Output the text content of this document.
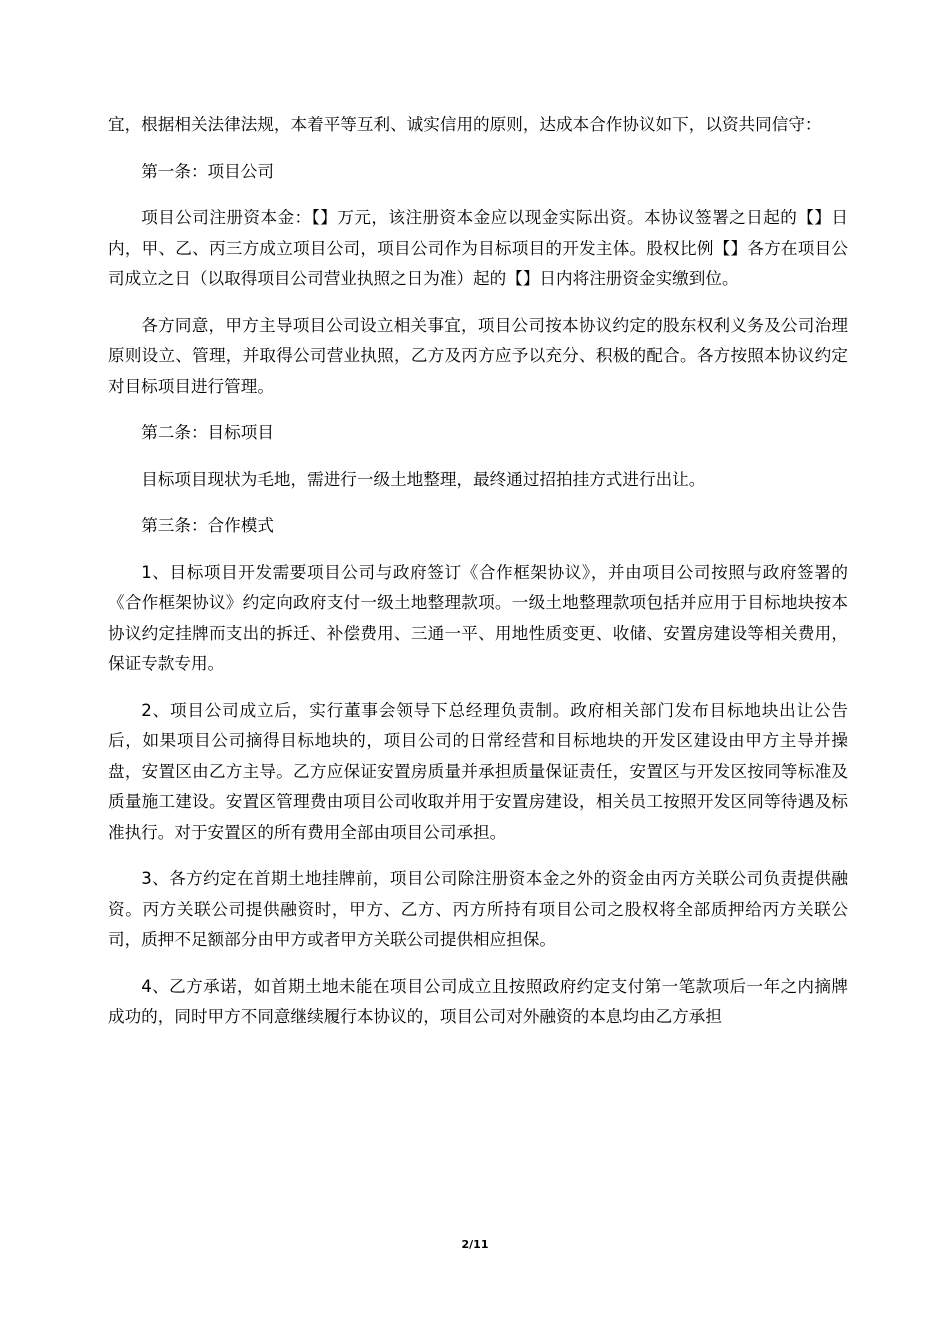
宜，根据相关法律法规，本着平等互利、诚实信用的原则，达成本合作协议如下，以资共同信守：

第一条：项目公司

项目公司注册资本金：【】万元，该注册资本金应以现金实际出资。本协议签署之日起的【】日内，甲、乙、丙三方成立项目公司，项目公司作为目标项目的开发主体。股权比例【】各方在项目公司成立之日（以取得项目公司营业执照之日为准）起的【】日内将注册资金实缴到位。

各方同意，甲方主导项目公司设立相关事宜，项目公司按本协议约定的股东权利义务及公司治理原则设立、管理，并取得公司营业执照，乙方及丙方应予以充分、积极的配合。各方按照本协议约定对目标项目进行管理。

第二条：目标项目

目标项目现状为毛地，需进行一级土地整理，最终通过招拍挂方式进行出让。

第三条：合作模式

1、目标项目开发需要项目公司与政府签订《合作框架协议》，并由项目公司按照与政府签署的《合作框架协议》约定向政府支付一级土地整理款项。一级土地整理款项包括并应用于目标地块按本协议约定挂牌而支出的拆迁、补偿费用、三通一平、用地性质变更、收储、安置房建设等相关费用，保证专款专用。

2、项目公司成立后，实行董事会领导下总经理负责制。政府相关部门发布目标地块出让公告后，如果项目公司摘得目标地块的，项目公司的日常经营和目标地块的开发区建设由甲方主导并操盘，安置区由乙方主导。乙方应保证安置房质量并承担质量保证责任，安置区与开发区按同等标准及质量施工建设。安置区管理费由项目公司收取并用于安置房建设，相关员工按照开发区同等待遇及标准执行。对于安置区的所有费用全部由项目公司承担。

3、各方约定在首期土地挂牌前，项目公司除注册资本金之外的资金由丙方关联公司负责提供融资。丙方关联公司提供融资时，甲方、乙方、丙方所持有项目公司之股权将全部质押给丙方关联公司，质押不足额部分由甲方或者甲方关联公司提供相应担保。

4、乙方承诺，如首期土地未能在项目公司成立且按照政府约定支付第一笔款项后一年之内摘牌成功的，同时甲方不同意继续履行本协议的，项目公司对外融资的本息均由乙方承担

2/11
